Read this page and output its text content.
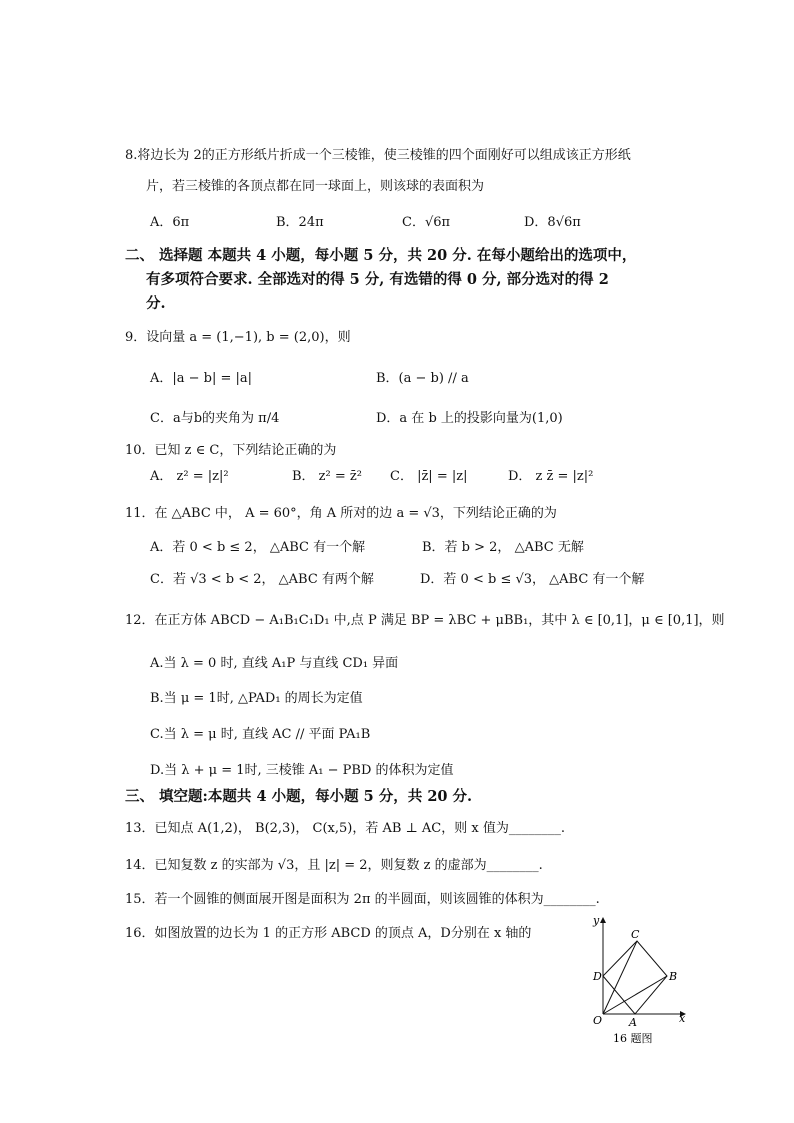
8.将边长为 2的正方形纸片折成一个三棱锥，使三棱锥的四个面刚好可以组成该正方形纸
片，若三棱锥的各顶点都在同一球面上，则该球的表面积为
A．6π	B．24π	C．√6π	D．8√6π
二、 选择题 本题共 4 小题，每小题 5 分，共 20 分. 在每小题给出的选项中，
有多项符合要求. 全部选对的得 5 分, 有选错的得 0 分, 部分选对的得 2
分.
9．设向量 a = (1,−1), b = (2,0)，则
A．|a − b| = |a|	B．(a − b) // a
C．a与b的夹角为 π/4	D．a 在 b 上的投影向量为(1,0)
10．已知 z ∈ C，下列结论正确的为
A． z² = |z|²	B． z² = z̄² C． |z̄| = |z|	D． z z̄ = |z|²
11．在 △ABC 中， A = 60°，角 A 所对的边 a = √3，下列结论正确的为
A．若 0 < b ≤ 2， △ABC 有一个解	B．若 b > 2， △ABC 无解
C．若 √3 < b < 2， △ABC 有两个解	D．若 0 < b ≤ √3， △ABC 有一个解
12．在正方体 ABCD − A₁B₁C₁D₁ 中,点 P 满足 BP = λBC + μBB₁，其中 λ ∈ [0,1]，μ ∈ [0,1]，则
A.当 λ = 0 时, 直线 A₁P 与直线 CD₁ 异面
B.当 μ = 1时, △PAD₁ 的周长为定值
C.当 λ = μ 时, 直线 AC // 平面 PA₁B
D.当 λ + μ = 1时, 三棱锥 A₁ − PBD 的体积为定值
三、 填空题:本题共 4 小题，每小题 5 分，共 20 分.
13．已知点 A(1,2)， B(2,3)， C(x,5)，若 AB ⊥ AC，则 x 值为________.
14．已知复数 z 的实部为 √3，且 |z| = 2，则复数 z 的虚部为________.
15．若一个圆锥的侧面展开图是面积为 2π 的半圆面，则该圆锥的体积为________.
16．如图放置的边长为 1 的正方形 ABCD 的顶点 A，D分别在 x 轴的
y
x
O A
B
C
D
16 题图
